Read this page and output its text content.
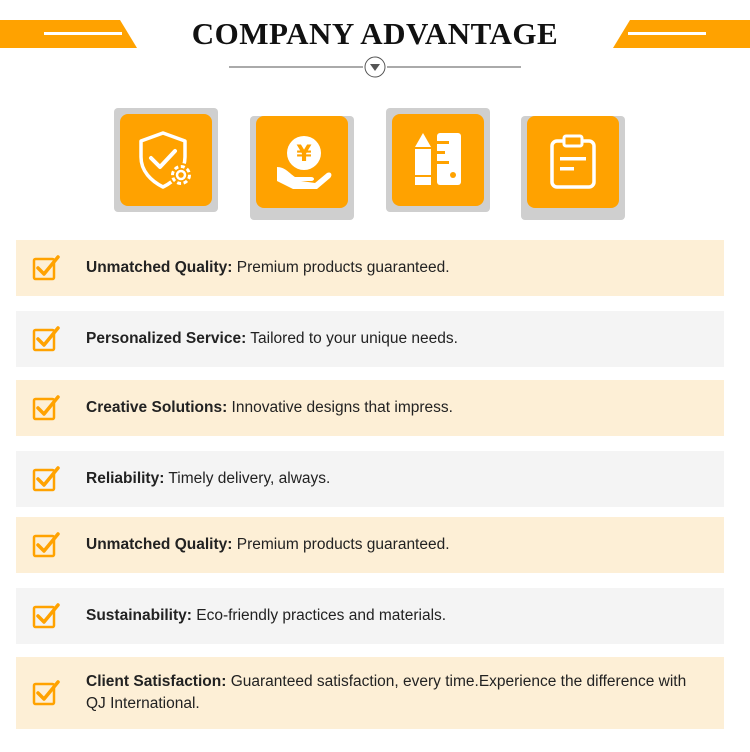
COMPANY ADVANTAGE
¥
Unmatched Quality: Premium products guaranteed.
Personalized Service: Tailored to your unique needs.
Creative Solutions: Innovative designs that impress.
Reliability: Timely delivery, always.
Unmatched Quality: Premium products guaranteed.
Sustainability: Eco-friendly practices and materials.
Client Satisfaction: Guaranteed satisfaction, every time.Experience the difference with QJ International.
